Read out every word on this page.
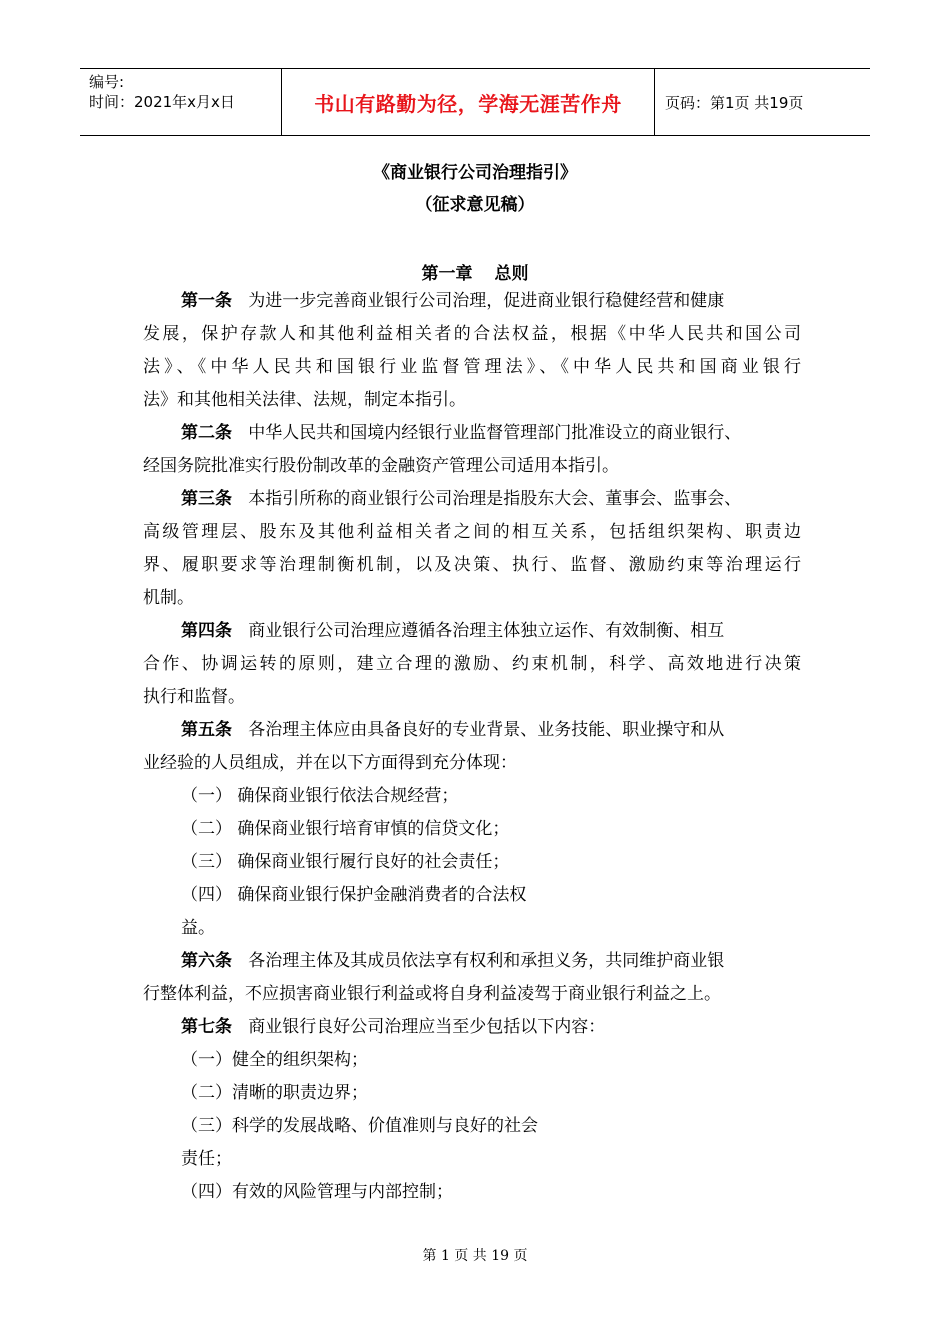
编号:
时间：2021年x月x日	书山有路勤为径，学海无涯苦作舟	页码：第1页 共19页
《商业银行公司治理指引》
（征求意见稿）
第一章 总则
第一条 为进一步完善商业银行公司治理，促进商业银行稳健经营和健康
发展，保护存款人和其他利益相关者的合法权益，根据《中华人民共和国公司
法》、《中华人民共和国银行业监督管理法》、《中华人民共和国商业银行
法》和其他相关法律、法规，制定本指引。
第二条 中华人民共和国境内经银行业监督管理部门批准设立的商业银行、
经国务院批准实行股份制改革的金融资产管理公司适用本指引。
第三条 本指引所称的商业银行公司治理是指股东大会、董事会、监事会、
高级管理层、股东及其他利益相关者之间的相互关系，包括组织架构、职责边
界、履职要求等治理制衡机制，以及决策、执行、监督、激励约束等治理运行
机制。
第四条 商业银行公司治理应遵循各治理主体独立运作、有效制衡、相互
合作、协调运转的原则，建立合理的激励、约束机制，科学、高效地进行决策
执行和监督。
第五条 各治理主体应由具备良好的专业背景、业务技能、职业操守和从
业经验的人员组成，并在以下方面得到充分体现：
（一） 确保商业银行依法合规经营；
（二） 确保商业银行培育审慎的信贷文化；
（三） 确保商业银行履行良好的社会责任；
（四） 确保商业银行保护金融消费者的合法权
益。
第六条 各治理主体及其成员依法享有权利和承担义务，共同维护商业银
行整体利益，不应损害商业银行利益或将自身利益凌驾于商业银行利益之上。
第七条 商业银行良好公司治理应当至少包括以下内容：
（一）健全的组织架构；
（二）清晰的职责边界；
（三）科学的发展战略、价值准则与良好的社会
责任；
（四）有效的风险管理与内部控制；
第 1 页 共 19 页
